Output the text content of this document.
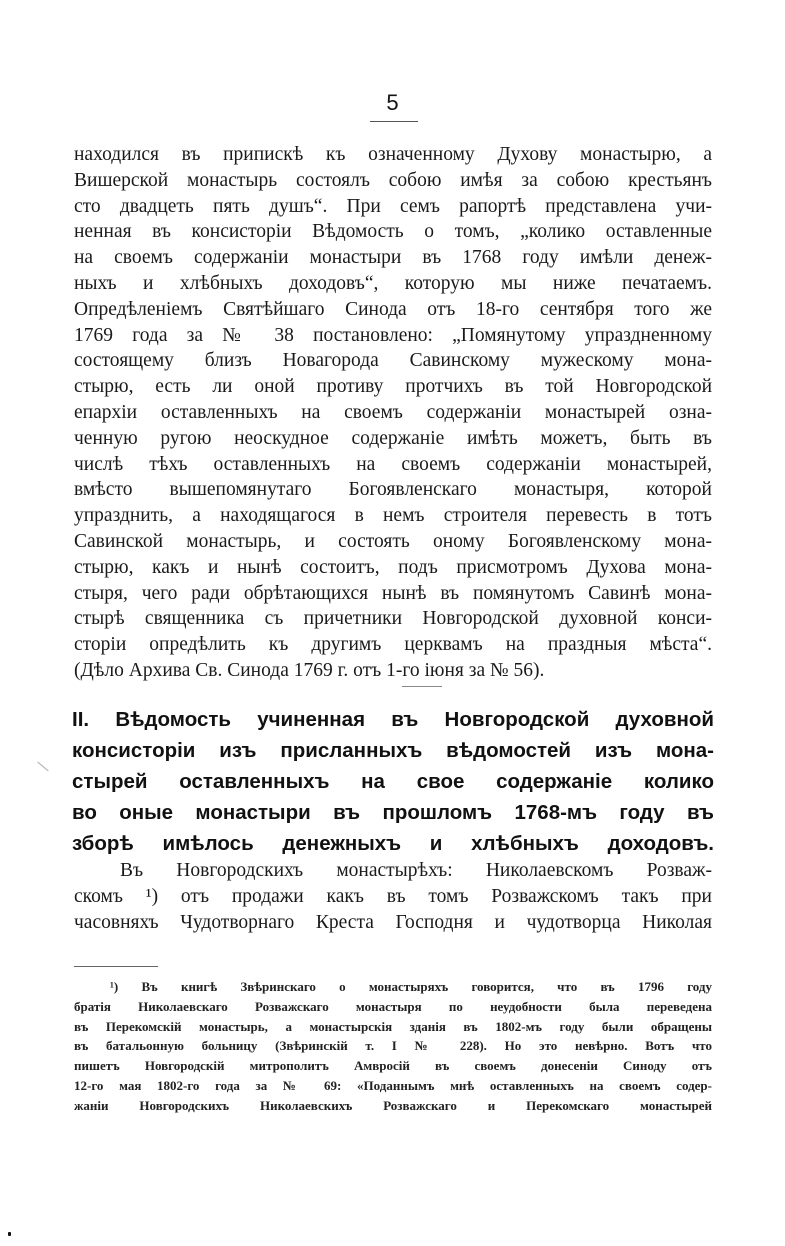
5
находился въ припискѣ къ означенному Духову монастырю, а
Вишерской монастырь состоялъ собою имѣя за собою крестьянъ
сто двадцеть пять душъ“. При семъ рапортѣ представлена учи-
ненная въ консисторіи Вѣдомость о томъ, „колико оставленные
на своемъ содержаніи монастыри въ 1768 году имѣли денеж-
ныхъ и хлѣбныхъ доходовъ“, которую мы ниже печатаемъ.
Опредѣленіемъ Святѣйшаго Синода отъ 18-го сентября того же
1769 года за № 38 постановлено: „Помянутому упраздненному
состоящему близъ Новагорода Савинскому мужескому мона-
стырю, есть ли оной противу протчихъ въ той Новгородской
епархіи оставленныхъ на своемъ содержаніи монастырей озна-
ченную ругою неоскудное содержаніе имѣть можетъ, быть въ
числѣ тѣхъ оставленныхъ на своемъ содержаніи монастырей,
вмѣсто вышепомянутаго Богоявленскаго монастыря, которой
упразднить, а находящагося в немъ строителя перевесть в тотъ
Савинской монастырь, и состоять оному Богоявленскому мона-
стырю, какъ и нынѣ состоитъ, подъ присмотромъ Духова мона-
стыря, чего ради обрѣтающихся нынѣ въ помянутомъ Савинѣ мона-
стырѣ священника съ причетники Новгородской духовной конси-
сторіи опредѣлить къ другимъ церквамъ на праздныя мѣста“.
(Дѣло Архива Св. Синода 1769 г. отъ 1-го іюня за № 56).
II. Вѣдомость учиненная въ Новгородской духовной
консисторіи изъ присланныхъ вѣдомостей изъ мона-
стырей оставленныхъ на свое содержаніе колико
во оные монастыри въ прошломъ 1768-мъ году въ
зборѣ имѣлось денежныхъ и хлѣбныхъ доходовъ.
Въ Новгородскихъ монастырѣхъ: Николаевскомъ Розваж-
скомъ ¹) отъ продажи какъ въ томъ Розважскомъ такъ при
часовняхъ Чудотворнаго Креста Господня и чудотворца Николая
¹) Въ книгѣ Звѣринскаго о монастыряхъ говорится, что въ 1796 году
братія Николаевскаго Розважскаго монастыря по неудобности была переведена
въ Перекомскій монастырь, а монастырскія зданія въ 1802-мъ году были обращены
въ батальонную больницу (Звѣринскій т. I № 228). Но это невѣрно. Вотъ что
пишетъ Новгородскій митрополитъ Амвросій въ своемъ донесеніи Синоду отъ
12-го мая 1802-го года за № 69: «Поданнымъ мнѣ оставленныхъ на своемъ содер-
жаніи Новгородскихъ Николаевскихъ Розважскаго и Перекомскаго монастырей
